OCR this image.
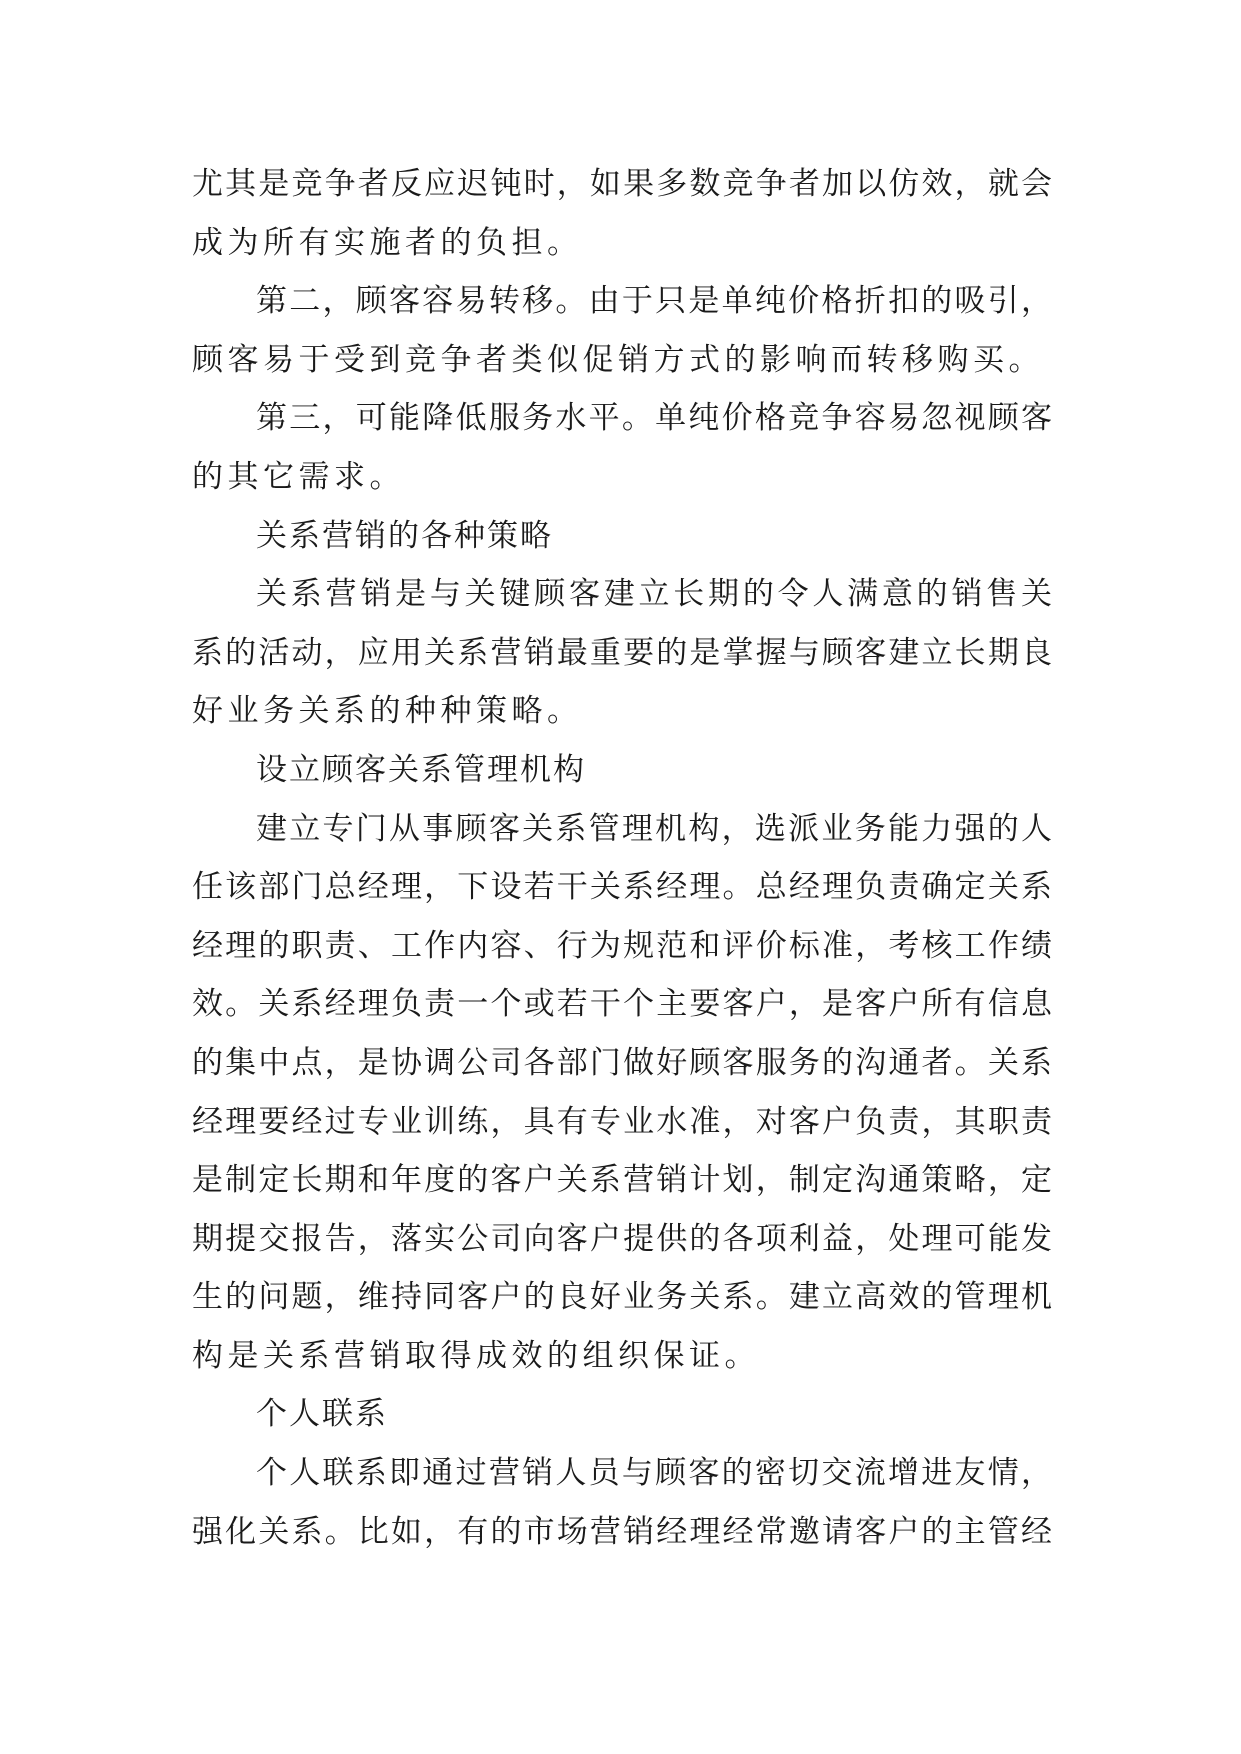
尤其是竞争者反应迟钝时，如果多数竞争者加以仿效，就会
成为所有实施者的负担。
第二，顾客容易转移。由于只是单纯价格折扣的吸引，
顾客易于受到竞争者类似促销方式的影响而转移购买。
第三，可能降低服务水平。单纯价格竞争容易忽视顾客
的其它需求。
关系营销的各种策略
关系营销是与关键顾客建立长期的令人满意的销售关
系的活动，应用关系营销最重要的是掌握与顾客建立长期良
好业务关系的种种策略。
设立顾客关系管理机构
建立专门从事顾客关系管理机构，选派业务能力强的人
任该部门总经理，下设若干关系经理。总经理负责确定关系
经理的职责、工作内容、行为规范和评价标准，考核工作绩
效。关系经理负责一个或若干个主要客户，是客户所有信息
的集中点，是协调公司各部门做好顾客服务的沟通者。关系
经理要经过专业训练，具有专业水准，对客户负责，其职责
是制定长期和年度的客户关系营销计划，制定沟通策略，定
期提交报告，落实公司向客户提供的各项利益，处理可能发
生的问题，维持同客户的良好业务关系。建立高效的管理机
构是关系营销取得成效的组织保证。
个人联系
个人联系即通过营销人员与顾客的密切交流增进友情，
强化关系。比如，有的市场营销经理经常邀请客户的主管经
